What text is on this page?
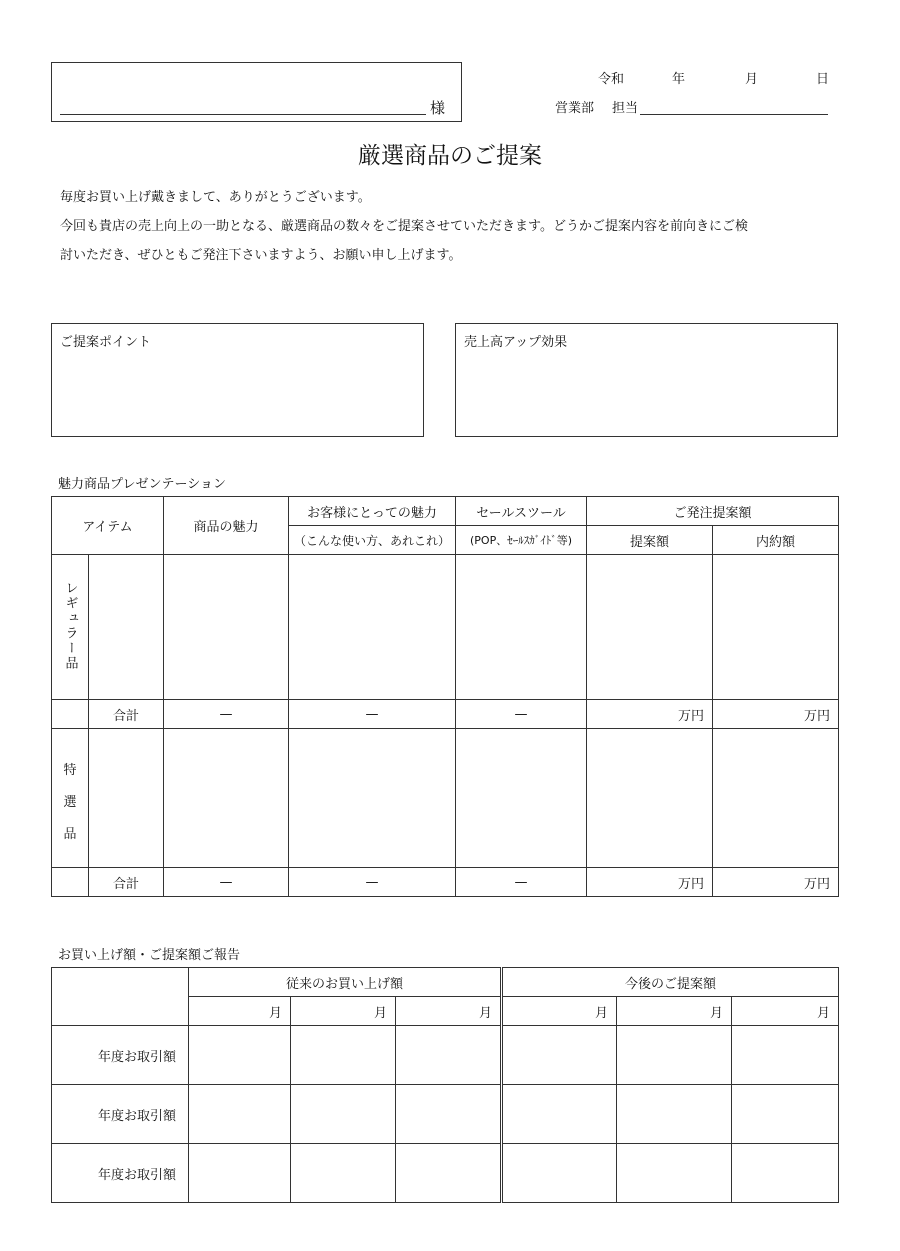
様
令和	年	月	日
営業部 担当
厳選商品のご提案
毎度お買い上げ戴きまして、ありがとうございます。
今回も貴店の売上向上の一助となる、厳選商品の数々をご提案させていただきます。どうかご提案内容を前向きにご検
討いただき、ぜひともご発注下さいますよう、お願い申し上げます。
ご提案ポイント	売上高アップ効果
魅力商品プレゼンテーション
アイテム		商品の魅力	お客様にとっての魅力	セールスツール	ご発注提案額	
			（こんな使い方、あれこれ）	(POP、ｾｰﾙｽｶﾞｲﾄﾞ等)	提案額	内約額
レギュラー品						
	合計	—	—	—	万円	万円

特
選
品						

	合計	—	—	—	万円	万円
お買い上げ額・ご提案額ご報告
	従来のお買い上げ額			今後のご提案額		
	月	月	月	月	月	月
年度お取引額						
年度お取引額						
年度お取引額						
